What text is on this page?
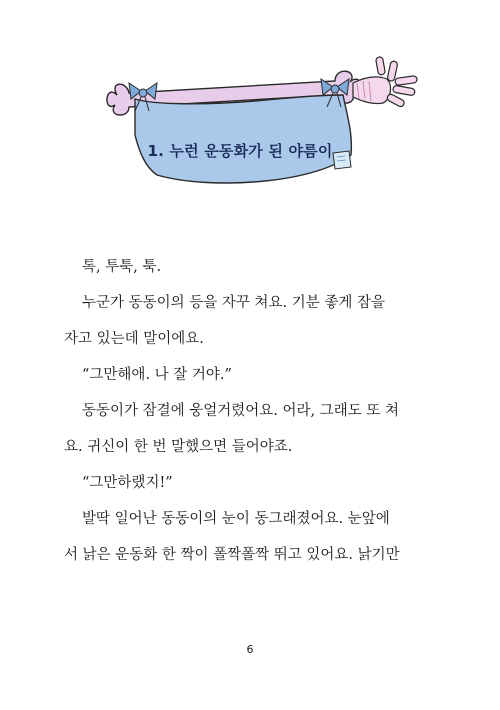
1. 누런 운동화가 된 야름이

톡, 투툭, 툭.

누군가 동동이의 등을 자꾸 쳐요. 기분 좋게 잠을

자고 있는데 말이에요.

“그만해애. 나 잘 거야.”

동동이가 잠결에 웅얼거렸어요. 어라, 그래도 또 쳐

요. 귀신이 한 번 말했으면 들어야죠.

“그만하랬지!”

발딱 일어난 동동이의 눈이 동그래졌어요. 눈앞에

서 낡은 운동화 한 짝이 폴짝폴짝 뛰고 있어요. 낡기만

6
